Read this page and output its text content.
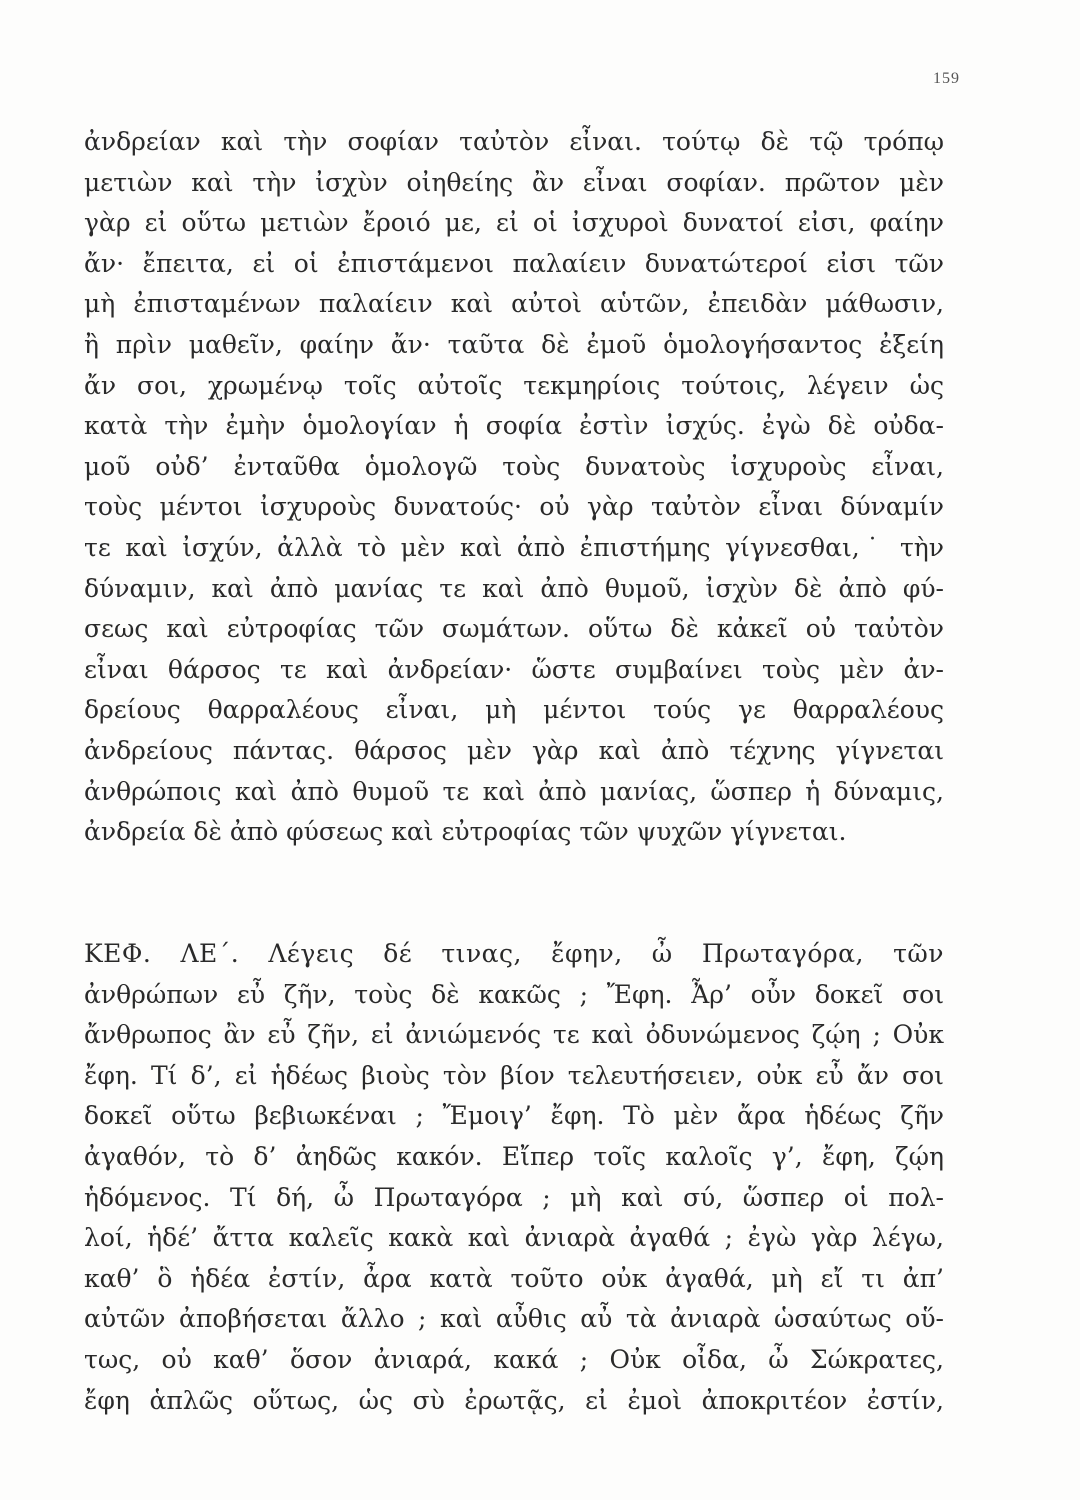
159
ἀνδρείαν καὶ τὴν σοφίαν ταὐτὸν εἶναι. τούτῳ δὲ τῷ τρόπῳ
μετιὼν καὶ τὴν ἰσχὺν οἰηθείης ἂν εἶναι σοφίαν. πρῶτον μὲν
γὰρ εἰ οὕτω μετιὼν ἔροιό με, εἰ οἱ ἰσχυροὶ δυνατοί εἰσι, φαίην
ἄν· ἔπειτα, εἰ οἱ ἐπιστάμενοι παλαίειν δυνατώτεροί εἰσι τῶν
μὴ ἐπισταμένων παλαίειν καὶ αὐτοὶ αὑτῶν, ἐπειδὰν μάθωσιν,
ἢ πρὶν μαθεῖν, φαίην ἄν· ταῦτα δὲ ἐμοῦ ὁμολογήσαντος ἐξείη
ἄν σοι, χρωμένῳ τοῖς αὐτοῖς τεκμηρίοις τούτοις, λέγειν ὡς
κατὰ τὴν ἐμὴν ὁμολογίαν ἡ σοφία ἐστὶν ἰσχύς. ἐγὼ δὲ οὐδα-
μοῦ οὐδ’ ἐνταῦθα ὁμολογῶ τοὺς δυνατοὺς ἰσχυροὺς εἶναι,
τοὺς μέντοι ἰσχυροὺς δυνατούς· οὐ γὰρ ταὐτὸν εἶναι δύναμίν
τε καὶ ἰσχύν, ἀλλὰ τὸ μὲν καὶ ἀπὸ ἐπιστήμης γίγνεσθαι,˙ τὴν
δύναμιν, καὶ ἀπὸ μανίας τε καὶ ἀπὸ θυμοῦ, ἰσχὺν δὲ ἀπὸ φύ-
σεως καὶ εὐτροφίας τῶν σωμάτων. οὕτω δὲ κἀκεῖ οὐ ταὐτὸν
εἶναι θάρσος τε καὶ ἀνδρείαν· ὥστε συμβαίνει τοὺς μὲν ἀν-
δρείους θαρραλέους εἶναι, μὴ μέντοι τούς γε θαρραλέους
ἀνδρείους πάντας. θάρσος μὲν γὰρ καὶ ἀπὸ τέχνης γίγνεται
ἀνθρώποις καὶ ἀπὸ θυμοῦ τε καὶ ἀπὸ μανίας, ὥσπερ ἡ δύναμις,
ἀνδρεία δὲ ἀπὸ φύσεως καὶ εὐτροφίας τῶν ψυχῶν γίγνεται.
ΚΕΦ. ΛΕ΄. Λέγεις δέ τινας, ἔφην, ὦ Πρωταγόρα, τῶν
ἀνθρώπων εὖ ζῆν, τοὺς δὲ κακῶς ; Ἔφη. Ἆρ’ οὖν δοκεῖ σοι
ἄνθρωπος ἂν εὖ ζῆν, εἰ ἀνιώμενός τε καὶ ὀδυνώμενος ζῴη ; Οὐκ
ἔφη. Τί δ’, εἰ ἡδέως βιοὺς τὸν βίον τελευτήσειεν, οὐκ εὖ ἄν σοι
δοκεῖ οὕτω βεβιωκέναι ; Ἔμοιγ’ ἔφη. Τὸ μὲν ἄρα ἡδέως ζῆν
ἀγαθόν, τὸ δ’ ἀηδῶς κακόν. Εἴπερ τοῖς καλοῖς γ’, ἔφη, ζῴη
ἡδόμενος. Τί δή, ὦ Πρωταγόρα ; μὴ καὶ σύ, ὥσπερ οἱ πολ-
λοί, ἡδέ’ ἄττα καλεῖς κακὰ καὶ ἀνιαρὰ ἀγαθά ; ἐγὼ γὰρ λέγω,
καθ’ ὃ ἡδέα ἐστίν, ἆρα κατὰ τοῦτο οὐκ ἀγαθά, μὴ εἴ τι ἀπ’
αὐτῶν ἀποβήσεται ἄλλο ; καὶ αὖθις αὖ τὰ ἀνιαρὰ ὡσαύτως οὕ-
τως, οὐ καθ’ ὅσον ἀνιαρά, κακά ; Οὐκ οἶδα, ὦ Σώκρατες,
ἔφη ἁπλῶς οὕτως, ὡς σὺ ἐρωτᾷς, εἰ ἐμοὶ ἀποκριτέον ἐστίν,
